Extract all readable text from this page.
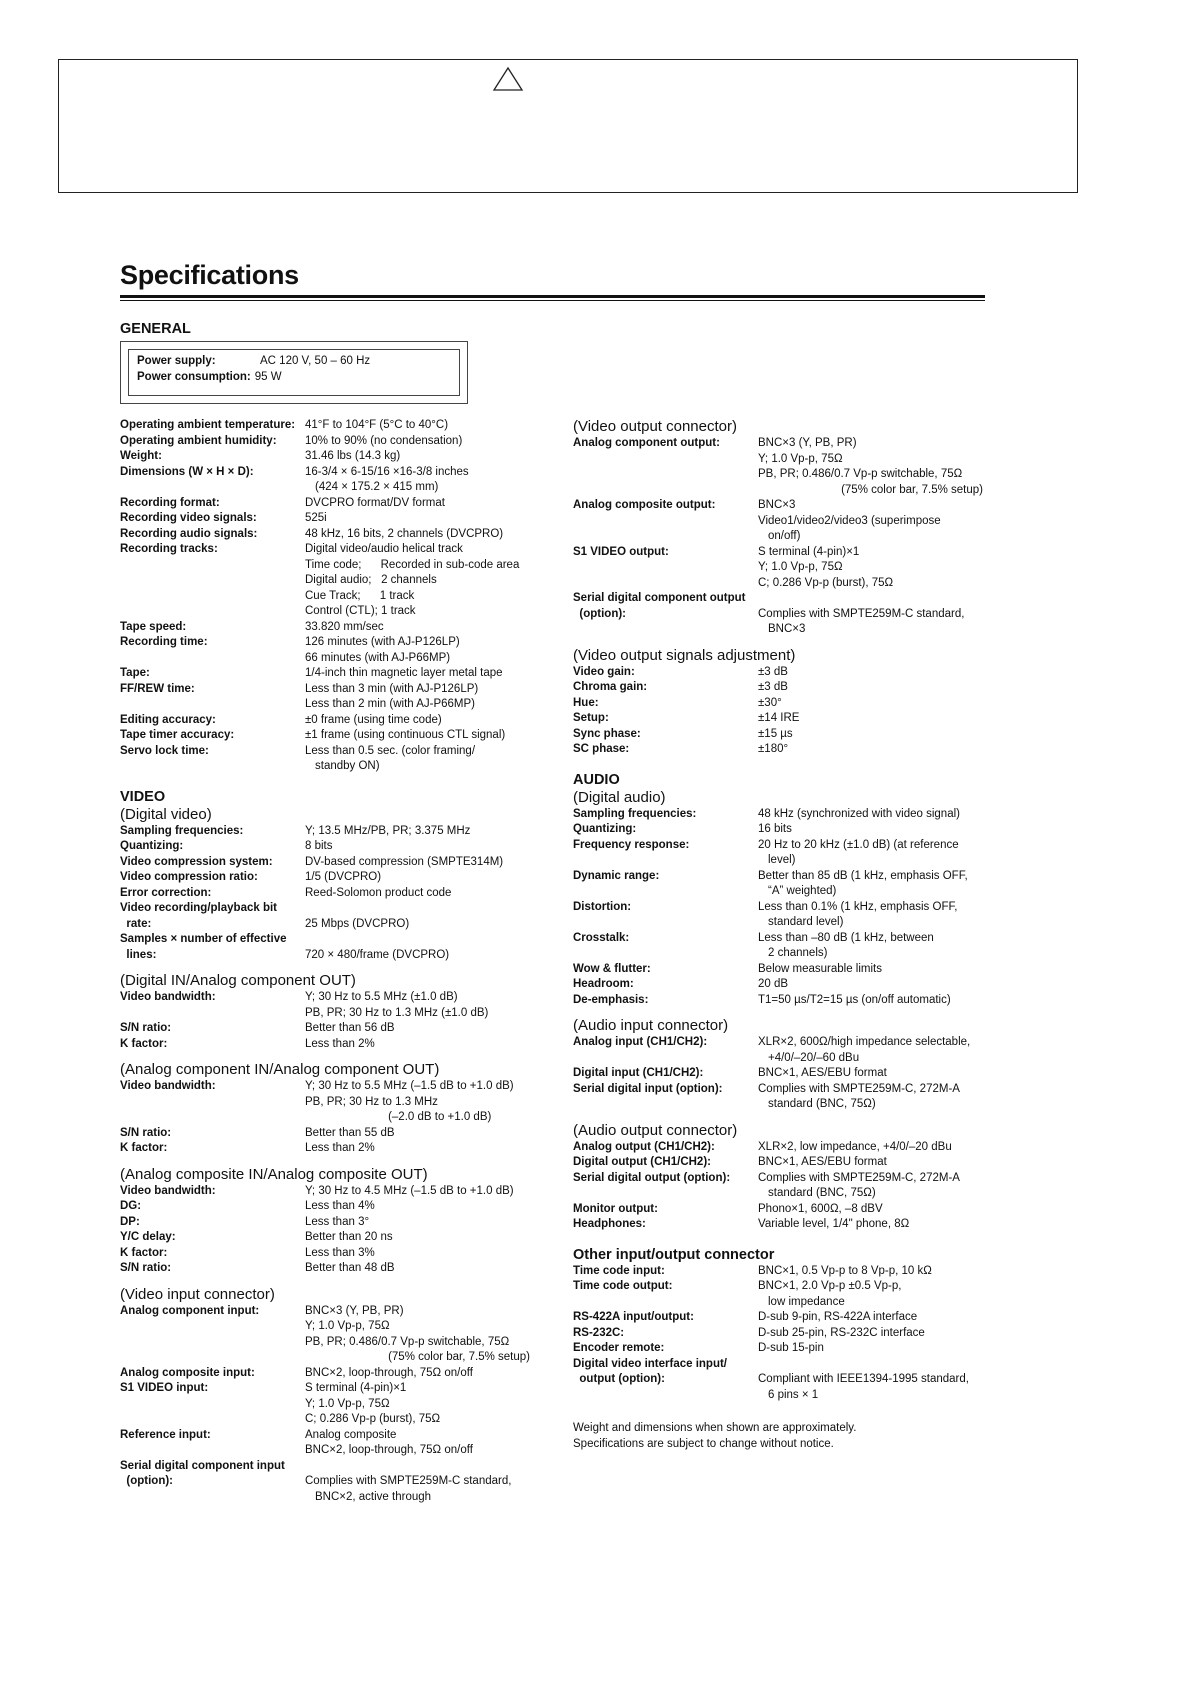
Specifications
GENERAL
Power supply:	AC 120 V, 50 – 60 Hz
Power consumption: 95 W
Operating ambient temperature: 41°F to 104°F (5°C to 40°C)
Operating ambient humidity:	10% to 90% (no condensation)
Weight:	31.46 lbs (14.3 kg)
Dimensions (W × H × D):	16-3/4 × 6-15/16 ×16-3/8 inches
(424 × 175.2 × 415 mm)
Recording format:	DVCPRO format/DV format
Recording video signals:	525i
Recording audio signals:	48 kHz, 16 bits, 2 channels (DVCPRO)
Recording tracks:	Digital video/audio helical track
Time code;      Recorded in sub-code area
Digital audio;   2 channels
Cue Track;      1 track
Control (CTL); 1 track
Tape speed:	33.820 mm/sec
Recording time:	126 minutes (with AJ-P126LP)
66 minutes (with AJ-P66MP)
Tape:	1/4-inch thin magnetic layer metal tape
FF/REW time:	Less than 3 min (with AJ-P126LP)
Less than 2 min (with AJ-P66MP)
Editing accuracy:	±0 frame (using time code)
Tape timer accuracy:	±1 frame (using continuous CTL signal)
Servo lock time:	Less than 0.5 sec. (color framing/
standby ON)
VIDEO
(Digital video)
Sampling frequencies:	Y; 13.5 MHz/PB, PR; 3.375 MHz
Quantizing:	8 bits
Video compression system:	DV-based compression (SMPTE314M)
Video compression ratio:	1/5 (DVCPRO)
Error correction:	Reed-Solomon product code
Video recording/playback bit
rate:	25 Mbps (DVCPRO)
Samples × number of effective
lines:	720 × 480/frame (DVCPRO)
(Digital IN/Analog component OUT)
Video bandwidth:	Y; 30 Hz to 5.5 MHz (±1.0 dB)
PB, PR; 30 Hz to 1.3 MHz (±1.0 dB)
S/N ratio:	Better than 56 dB
K factor:	Less than 2%
(Analog component IN/Analog component OUT)
Video bandwidth:	Y; 30 Hz to 5.5 MHz (–1.5 dB to +1.0 dB)
PB, PR; 30 Hz to 1.3 MHz
(–2.0 dB to +1.0 dB)
S/N ratio:	Better than 55 dB
K factor:	Less than 2%
(Analog composite IN/Analog composite OUT)
Video bandwidth:	Y; 30 Hz to 4.5 MHz (–1.5 dB to +1.0 dB)
DG:	Less than 4%
DP:	Less than 3°
Y/C delay:	Better than 20 ns
K factor:	Less than 3%
S/N ratio:	Better than 48 dB
(Video input connector)
Analog component input:	BNC×3 (Y, PB, PR)
Y; 1.0 Vp-p, 75Ω
PB, PR; 0.486/0.7 Vp-p switchable, 75Ω
(75% color bar, 7.5% setup)
Analog composite input:	BNC×2, loop-through, 75Ω on/off
S1 VIDEO input:	S terminal (4-pin)×1
Y; 1.0 Vp-p, 75Ω
C; 0.286 Vp-p (burst), 75Ω
Reference input:	Analog composite
BNC×2, loop-through, 75Ω on/off
Serial digital component input
(option):	Complies with SMPTE259M-C standard,
BNC×2, active through
(Video output connector)
Analog component output:	BNC×3 (Y, PB, PR)
Y; 1.0 Vp-p, 75Ω
PB, PR; 0.486/0.7 Vp-p switchable, 75Ω
(75% color bar, 7.5% setup)
Analog composite output:	BNC×3
Video1/video2/video3 (superimpose
on/off)
S1 VIDEO output:	S terminal (4-pin)×1
Y; 1.0 Vp-p, 75Ω
C; 0.286 Vp-p (burst), 75Ω
Serial digital component output
(option):	Complies with SMPTE259M-C standard,
BNC×3
(Video output signals adjustment)
Video gain:	±3 dB
Chroma gain:	±3 dB
Hue:	±30°
Setup:	±14 IRE
Sync phase:	±15 µs
SC phase:	±180°
AUDIO
(Digital audio)
Sampling frequencies:	48 kHz (synchronized with video signal)
Quantizing:	16 bits
Frequency response:	20 Hz to 20 kHz (±1.0 dB) (at reference
level)
Dynamic range:	Better than 85 dB (1 kHz, emphasis OFF,
“A” weighted)
Distortion:	Less than 0.1% (1 kHz, emphasis OFF,
standard level)
Crosstalk:	Less than –80 dB (1 kHz, between
2 channels)
Wow & flutter:	Below measurable limits
Headroom:	20 dB
De-emphasis:	T1=50 µs/T2=15 µs (on/off automatic)
(Audio input connector)
Analog input (CH1/CH2):	XLR×2, 600Ω/high impedance selectable,
+4/0/–20/–60 dBu
Digital input (CH1/CH2):	BNC×1, AES/EBU format
Serial digital input (option):	Complies with SMPTE259M-C, 272M-A
standard (BNC, 75Ω)
(Audio output connector)
Analog output (CH1/CH2):	XLR×2, low impedance, +4/0/–20 dBu
Digital output (CH1/CH2):	BNC×1, AES/EBU format
Serial digital output (option):	Complies with SMPTE259M-C, 272M-A
standard (BNC, 75Ω)
Monitor output:	Phono×1, 600Ω, –8 dBV
Headphones:	Variable level, 1/4" phone, 8Ω
Other input/output connector
Time code input:	BNC×1, 0.5 Vp-p to 8 Vp-p, 10 kΩ
Time code output:	BNC×1, 2.0 Vp-p ±0.5 Vp-p,
low impedance
RS-422A input/output:	D-sub 9-pin, RS-422A interface
RS-232C:	D-sub 25-pin, RS-232C interface
Encoder remote:	D-sub 15-pin
Digital video interface input/
output (option):	Compliant with IEEE1394-1995 standard,
6 pins × 1
Weight and dimensions when shown are approximately.
Specifications are subject to change without notice.
